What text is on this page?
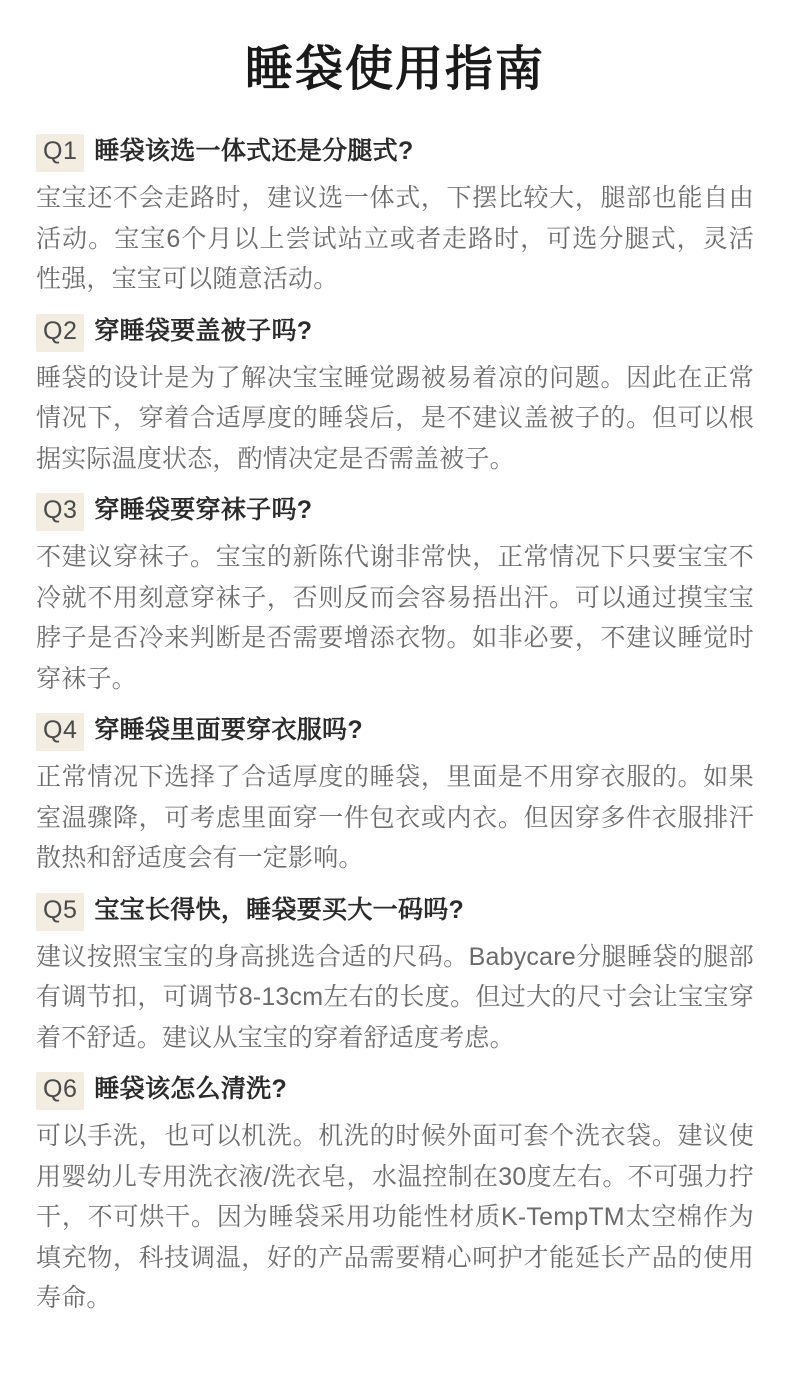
睡袋使用指南
Q1 睡袋该选一体式还是分腿式?

宝宝还不会走路时，建议选一体式，下摆比较大，腿部也能自由活动。宝宝6个月以上尝试站立或者走路时，可选分腿式，灵活性强，宝宝可以随意活动。

Q2 穿睡袋要盖被子吗?

睡袋的设计是为了解决宝宝睡觉踢被易着凉的问题。因此在正常情况下，穿着合适厚度的睡袋后，是不建议盖被子的。但可以根据实际温度状态，酌情决定是否需盖被子。

Q3 穿睡袋要穿袜子吗?

不建议穿袜子。宝宝的新陈代谢非常快，正常情况下只要宝宝不冷就不用刻意穿袜子，否则反而会容易捂出汗。可以通过摸宝宝脖子是否冷来判断是否需要增添衣物。如非必要，不建议睡觉时穿袜子。

Q4 穿睡袋里面要穿衣服吗?

正常情况下选择了合适厚度的睡袋，里面是不用穿衣服的。如果室温骤降，可考虑里面穿一件包衣或内衣。但因穿多件衣服排汗散热和舒适度会有一定影响。

Q5 宝宝长得快，睡袋要买大一码吗?

建议按照宝宝的身高挑选合适的尺码。Babycare分腿睡袋的腿部有调节扣，可调节8-13cm左右的长度。但过大的尺寸会让宝宝穿着不舒适。建议从宝宝的穿着舒适度考虑。

Q6 睡袋该怎么清洗?

可以手洗，也可以机洗。机洗的时候外面可套个洗衣袋。建议使用婴幼儿专用洗衣液/洗衣皂，水温控制在30度左右。不可强力拧干，不可烘干。因为睡袋采用功能性材质K-TempTM太空棉作为填充物，科技调温，好的产品需要精心呵护才能延长产品的使用寿命。
